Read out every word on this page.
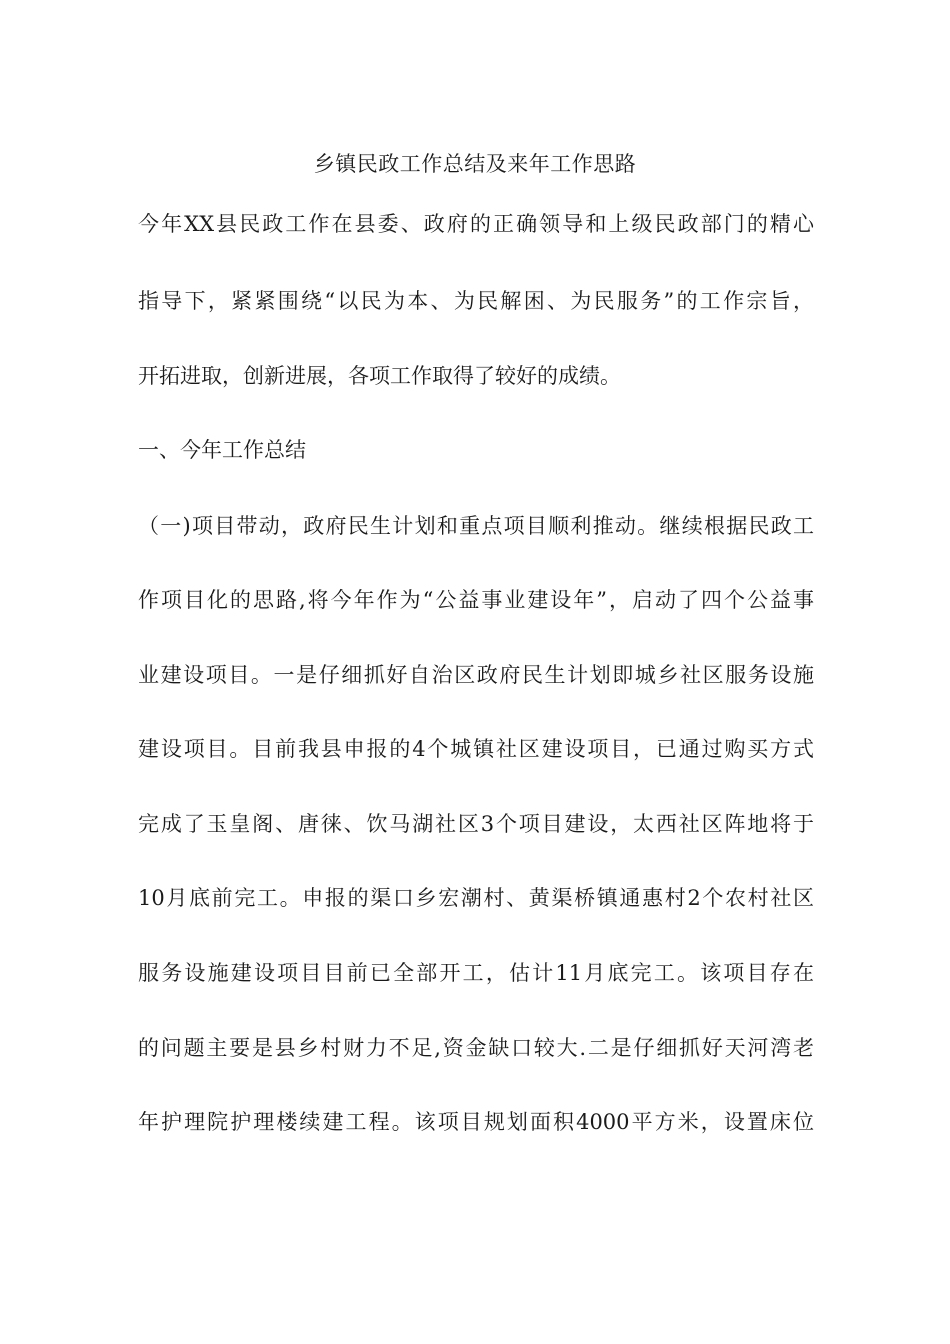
乡镇民政工作总结及来年工作思路
今年XX县民政工作在县委、政府的正确领导和上级民政部门的精心
指导下，紧紧围绕“以民为本、为民解困、为民服务”的工作宗旨，
开拓进取，创新进展，各项工作取得了较好的成绩。
一、今年工作总结
（一)项目带动，政府民生计划和重点项目顺利推动。继续根据民政工
作项目化的思路,将今年作为“公益事业建设年”，启动了四个公益事
业建设项目。一是仔细抓好自治区政府民生计划即城乡社区服务设施
建设项目。目前我县申报的4个城镇社区建设项目，已通过购买方式
完成了玉皇阁、唐徕、饮马湖社区3个项目建设，太西社区阵地将于
10月底前完工。申报的渠口乡宏潮村、黄渠桥镇通惠村2个农村社区
服务设施建设项目目前已全部开工，估计11月底完工。该项目存在
的问题主要是县乡村财力不足,资金缺口较大.二是仔细抓好天河湾老
年护理院护理楼续建工程。该项目规划面积4000平方米，设置床位
